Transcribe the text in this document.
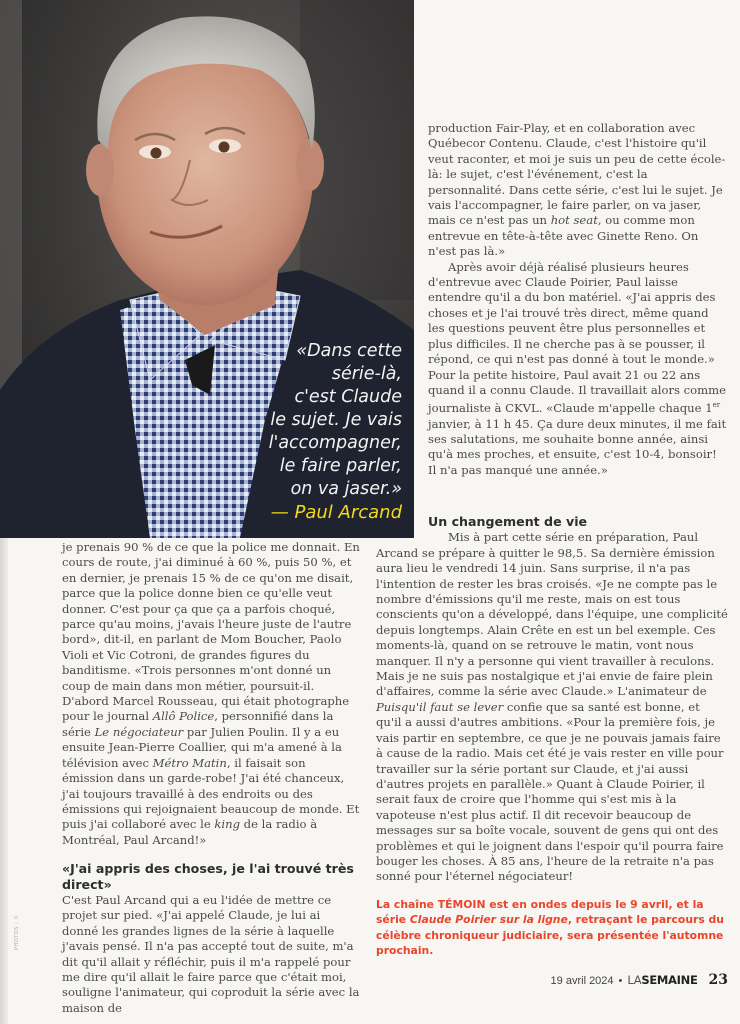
«Dans cette
série-là,
c'est Claude
le sujet. Je vais
l'accompagner,
le faire parler,
on va jaser.»
— Paul Arcand

production Fair-Play, et en collaboration avec Québecor Contenu. Claude, c'est l'histoire qu'il veut raconter, et moi je suis un peu de cette école-là: le sujet, c'est l'événement, c'est la personnalité. Dans cette série, c'est lui le sujet. Je vais l'accompagner, le faire parler, on va jaser, mais ce n'est pas un hot seat, ou comme mon entrevue en tête-à-tête avec Ginette Reno. On n'est pas là.»

Après avoir déjà réalisé plusieurs heures d'entrevue avec Claude Poirier, Paul laisse entendre qu'il a du bon matériel. «J'ai appris des choses et je l'ai trouvé très direct, même quand les questions peuvent être plus personnelles et plus difficiles. Il ne cherche pas à se pousser, il répond, ce qui n'est pas donné à tout le monde.» Pour la petite histoire, Paul avait 21 ou 22 ans quand il a connu Claude. Il travaillait alors comme journaliste à CKVL. «Claude m'appelle chaque 1er janvier, à 11 h 45. Ça dure deux minutes, il me fait ses salutations, me souhaite bonne année, ainsi qu'à mes proches, et ensuite, c'est 10-4, bonsoir! Il n'a pas manqué une année.»

je prenais 90 % de ce que la police me donnait. En cours de route, j'ai diminué à 60 %, puis 50 %, et en dernier, je prenais 15 % de ce qu'on me disait, parce que la police donne bien ce qu'elle veut donner. C'est pour ça que ça a parfois choqué, parce qu'au moins, j'avais l'heure juste de l'autre bord», dit-il, en parlant de Mom Boucher, Paolo Violi et Vic Cotroni, de grandes figures du banditisme. «Trois personnes m'ont donné un coup de main dans mon métier, poursuit-il. D'abord Marcel Rousseau, qui était photographe pour le journal Allô Police, personnifié dans la série Le négociateur par Julien Poulin. Il y a eu ensuite Jean-Pierre Coallier, qui m'a amené à la télévision avec Métro Matin, il faisait son émission dans un garde-robe! J'ai été chanceux, j'ai toujours travaillé à des endroits ou des émissions qui rejoignaient beaucoup de monde. Et puis j'ai collaboré avec le king de la radio à Montréal, Paul Arcand!»

«J'ai appris des choses, je l'ai trouvé très direct»

C'est Paul Arcand qui a eu l'idée de mettre ce projet sur pied. «J'ai appelé Claude, je lui ai donné les grandes lignes de la série à laquelle j'avais pensé. Il n'a pas accepté tout de suite, m'a dit qu'il allait y réfléchir, puis il m'a rappelé pour me dire qu'il allait le faire parce que c'était moi, souligne l'animateur, qui coproduit la série avec la maison de

Un changement de vie

Mis à part cette série en préparation, Paul

Arcand se prépare à quitter le 98,5. Sa dernière émission aura lieu le vendredi 14 juin. Sans surprise, il n'a pas l'intention de rester les bras croisés. «Je ne compte pas le nombre d'émissions qu'il me reste, mais on est tous conscients qu'on a développé, dans l'équipe, une complicité depuis longtemps. Alain Crête en est un bel exemple. Ces moments-là, quand on se retrouve le matin, vont nous manquer. Il n'y a personne qui vient travailler à reculons. Mais je ne suis pas nostalgique et j'ai envie de faire plein d'affaires, comme la série avec Claude.» L'animateur de Puisqu'il faut se lever confie que sa santé est bonne, et qu'il a aussi d'autres ambitions. «Pour la première fois, je vais partir en septembre, ce que je ne pouvais jamais faire à cause de la radio. Mais cet été je vais rester en ville pour travailler sur la série portant sur Claude, et j'ai aussi d'autres projets en parallèle.» Quant à Claude Poirier, il serait faux de croire que l'homme qui s'est mis à la vapoteuse n'est plus actif. Il dit recevoir beaucoup de messages sur sa boîte vocale, souvent de gens qui ont des problèmes et qui le joignent dans l'espoir qu'il pourra faire bouger les choses. À 85 ans, l'heure de la retraite n'a pas sonné pour l'éternel négociateur!

La chaîne TÉMOIN est en ondes depuis le 9 avril, et la série Claude Poirier sur la ligne, retraçant le parcours du célèbre chroniqueur judiciaire, sera présentée l'automne prochain.
PHOTOS : ©
19 avril 2024 • LASEMAINE 23
